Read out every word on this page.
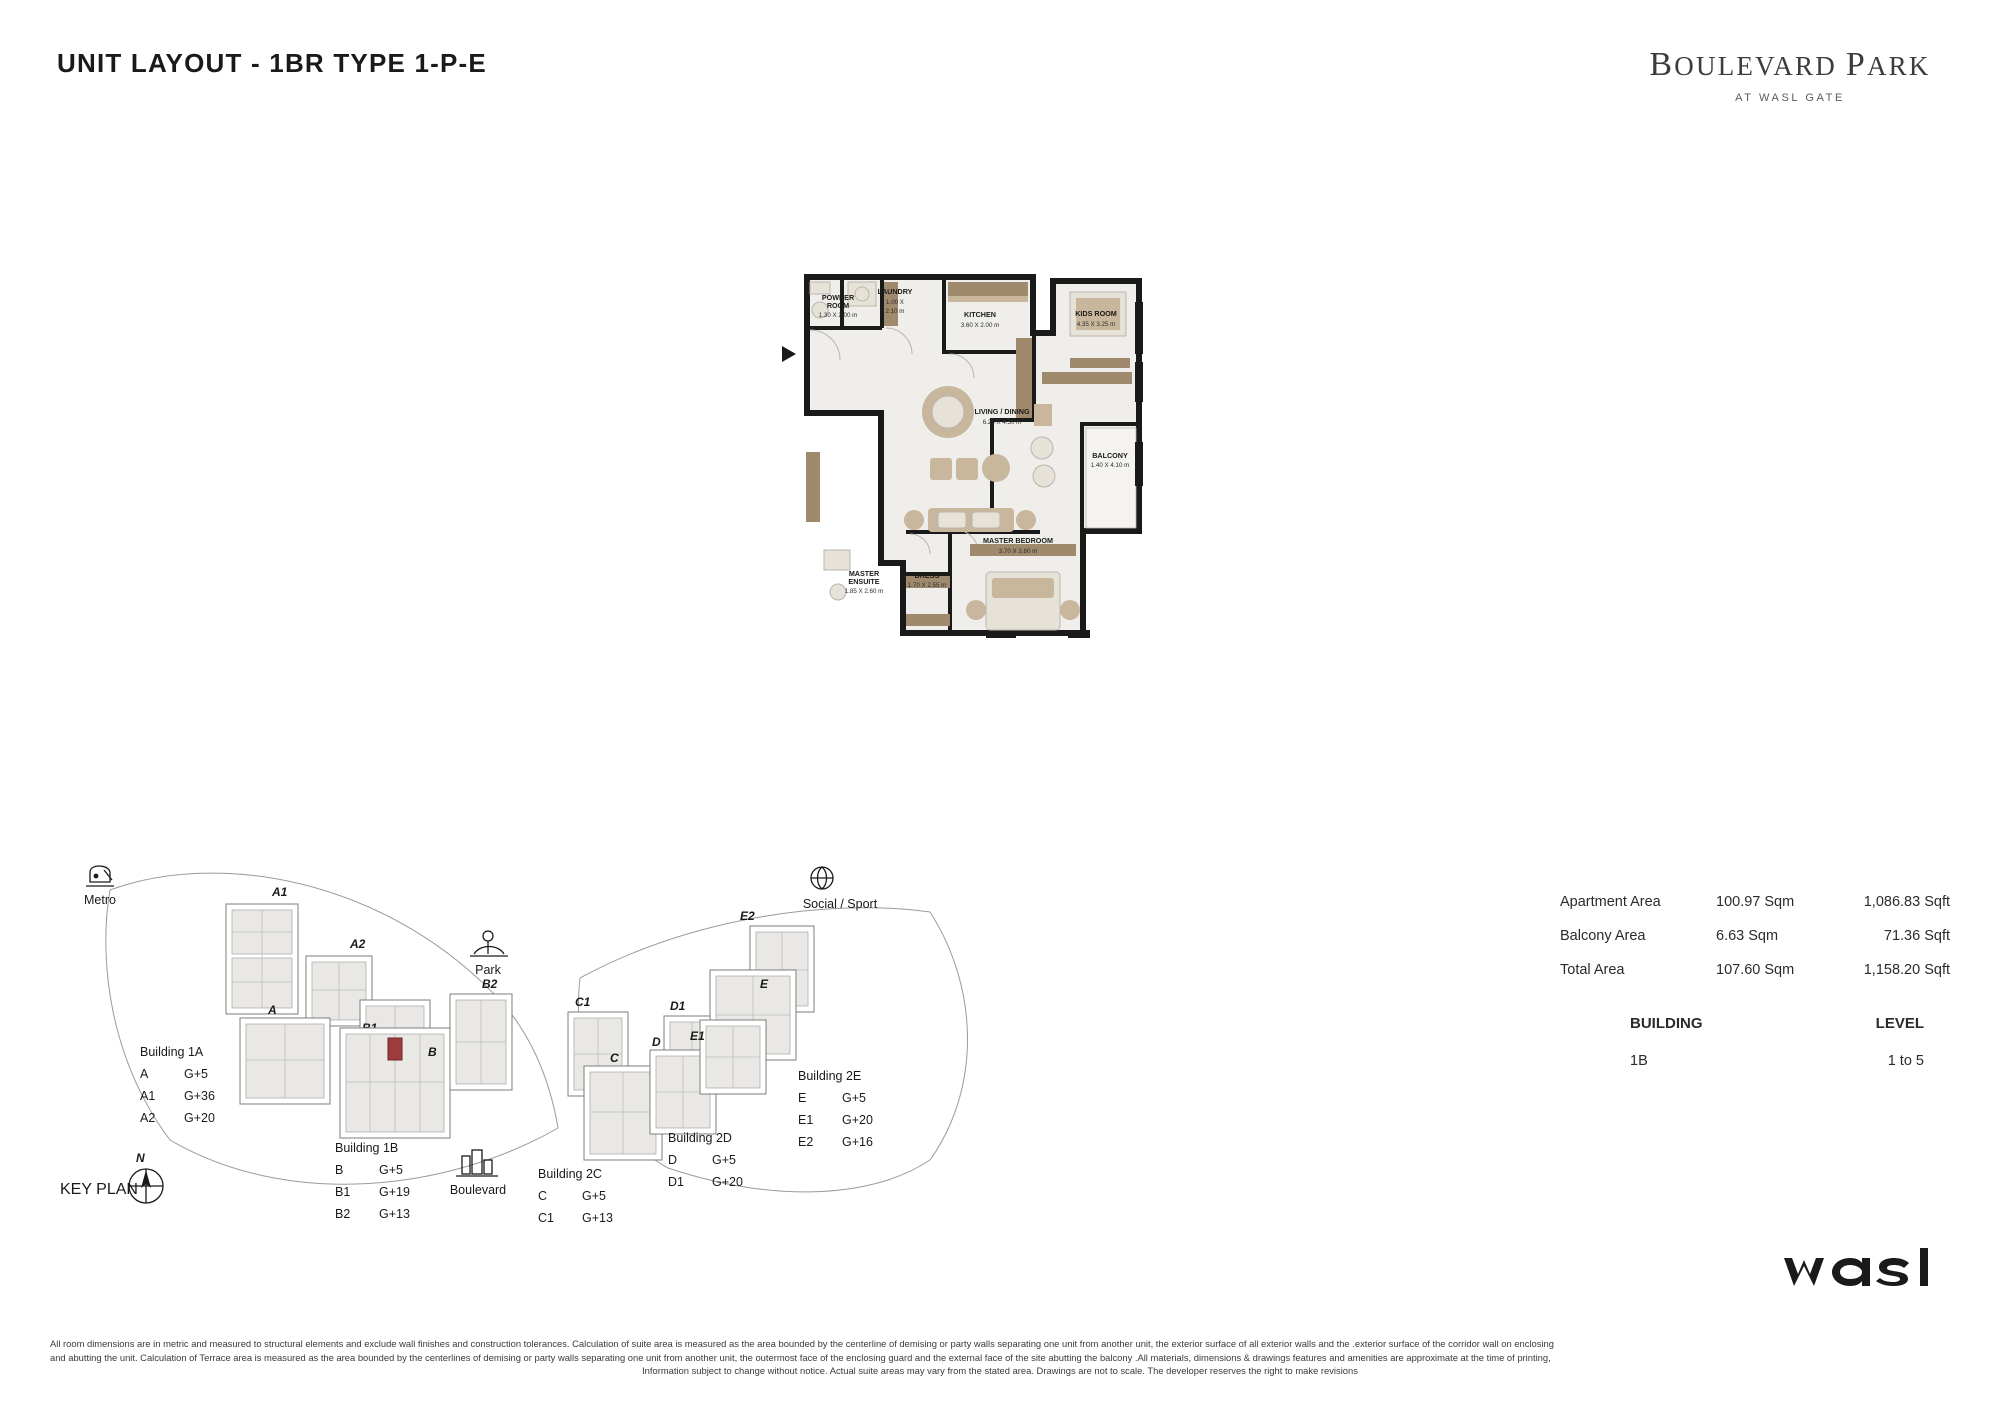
UNIT LAYOUT - 1BR TYPE 1-P-E	BOULEVARD PARK
AT WASL GATE
POWDER
ROOM
1.30 X 2.00 m
LAUNDRY
1.00 X
2.10 m	KITCHEN
3.60 X 2.00 m
KIDS ROOM
4.35 X 3.25 m
LIVING / DINING
6.20 X 4.50 m
BALCONY
1.40 X 4.10 m
MASTER BEDROOM
3.70 X 3.80 m
MASTER
ENSUITE
1.85 X 2.60 m
DRESS
1.70 X 2.55 m
A1
A2
A
B
B2
C1
C
D1
D
E2
E
E1
Metro
Park
Social / Sport
Boulevard
N
KEY PLAN
Building 1A
A	G+5
A1 G+36
A2 G+20
Building 1B
B	G+5
B1 G+19
B2 G+13
Building 2C
C	G+5
C1 G+13
Building 2D
D	G+5
D1 G+20
Building 2E
E	G+5
E1 G+20
E2 G+16
Apartment Area	100.97 Sqm	1,086.83 Sqft
Balcony Area	6.63 Sqm	71.36 Sqft
Total Area	107.60 Sqm	1,158.20 Sqft
BUILDING		LEVEL
1B		1 to 5

All room dimensions are in metric and measured to structural elements and exclude wall finishes and construction tolerances. Calculation of suite area is measured as the area bounded by the centerline of demising or party walls separating one unit from another unit, the exterior surface of all exterior walls and the .exterior surface of the corridor wall on enclosing

and abutting the unit. Calculation of Terrace area is measured as the area bounded by the centerlines of demising or party walls separating one unit from another unit, the outermost face of the enclosing guard and the external face of the site abutting the balcony .All materials, dimensions & drawings features and amenities are approximate at the time of printing,

Information subject to change without notice. Actual suite areas may vary from the stated area. Drawings are not to scale. The developer reserves the right to make revisions
